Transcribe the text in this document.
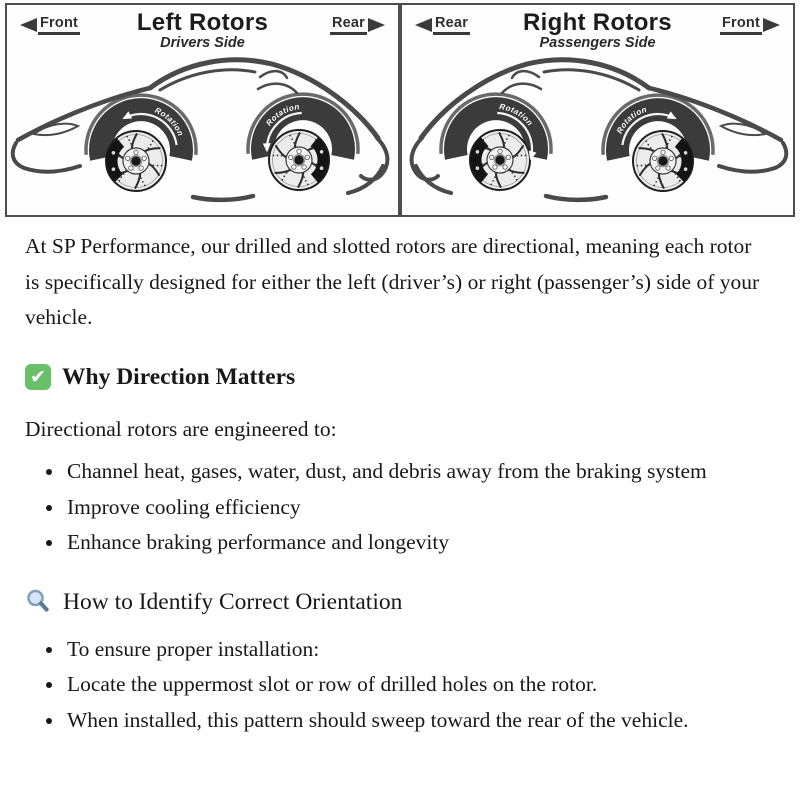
Front	Left Rotors
Drivers Side
Rear
Rotation
Rotation
Rear	Right Rotors
Passengers Side
Front
Rotation
Rotation

At SP Performance, our drilled and slotted rotors are directional, meaning each rotor is specifically designed for either the left (driver’s) or right (passenger’s) side of your vehicle.

✔ Why Direction Matters

Directional rotors are engineered to:

• Channel heat, gases, water, dust, and debris away from the braking system
• Improve cooling efficiency
• Enhance braking performance and longevity
How to Identify Correct Orientation
• To ensure proper installation:
• Locate the uppermost slot or row of drilled holes on the rotor.
• When installed, this pattern should sweep toward the rear of the vehicle.
